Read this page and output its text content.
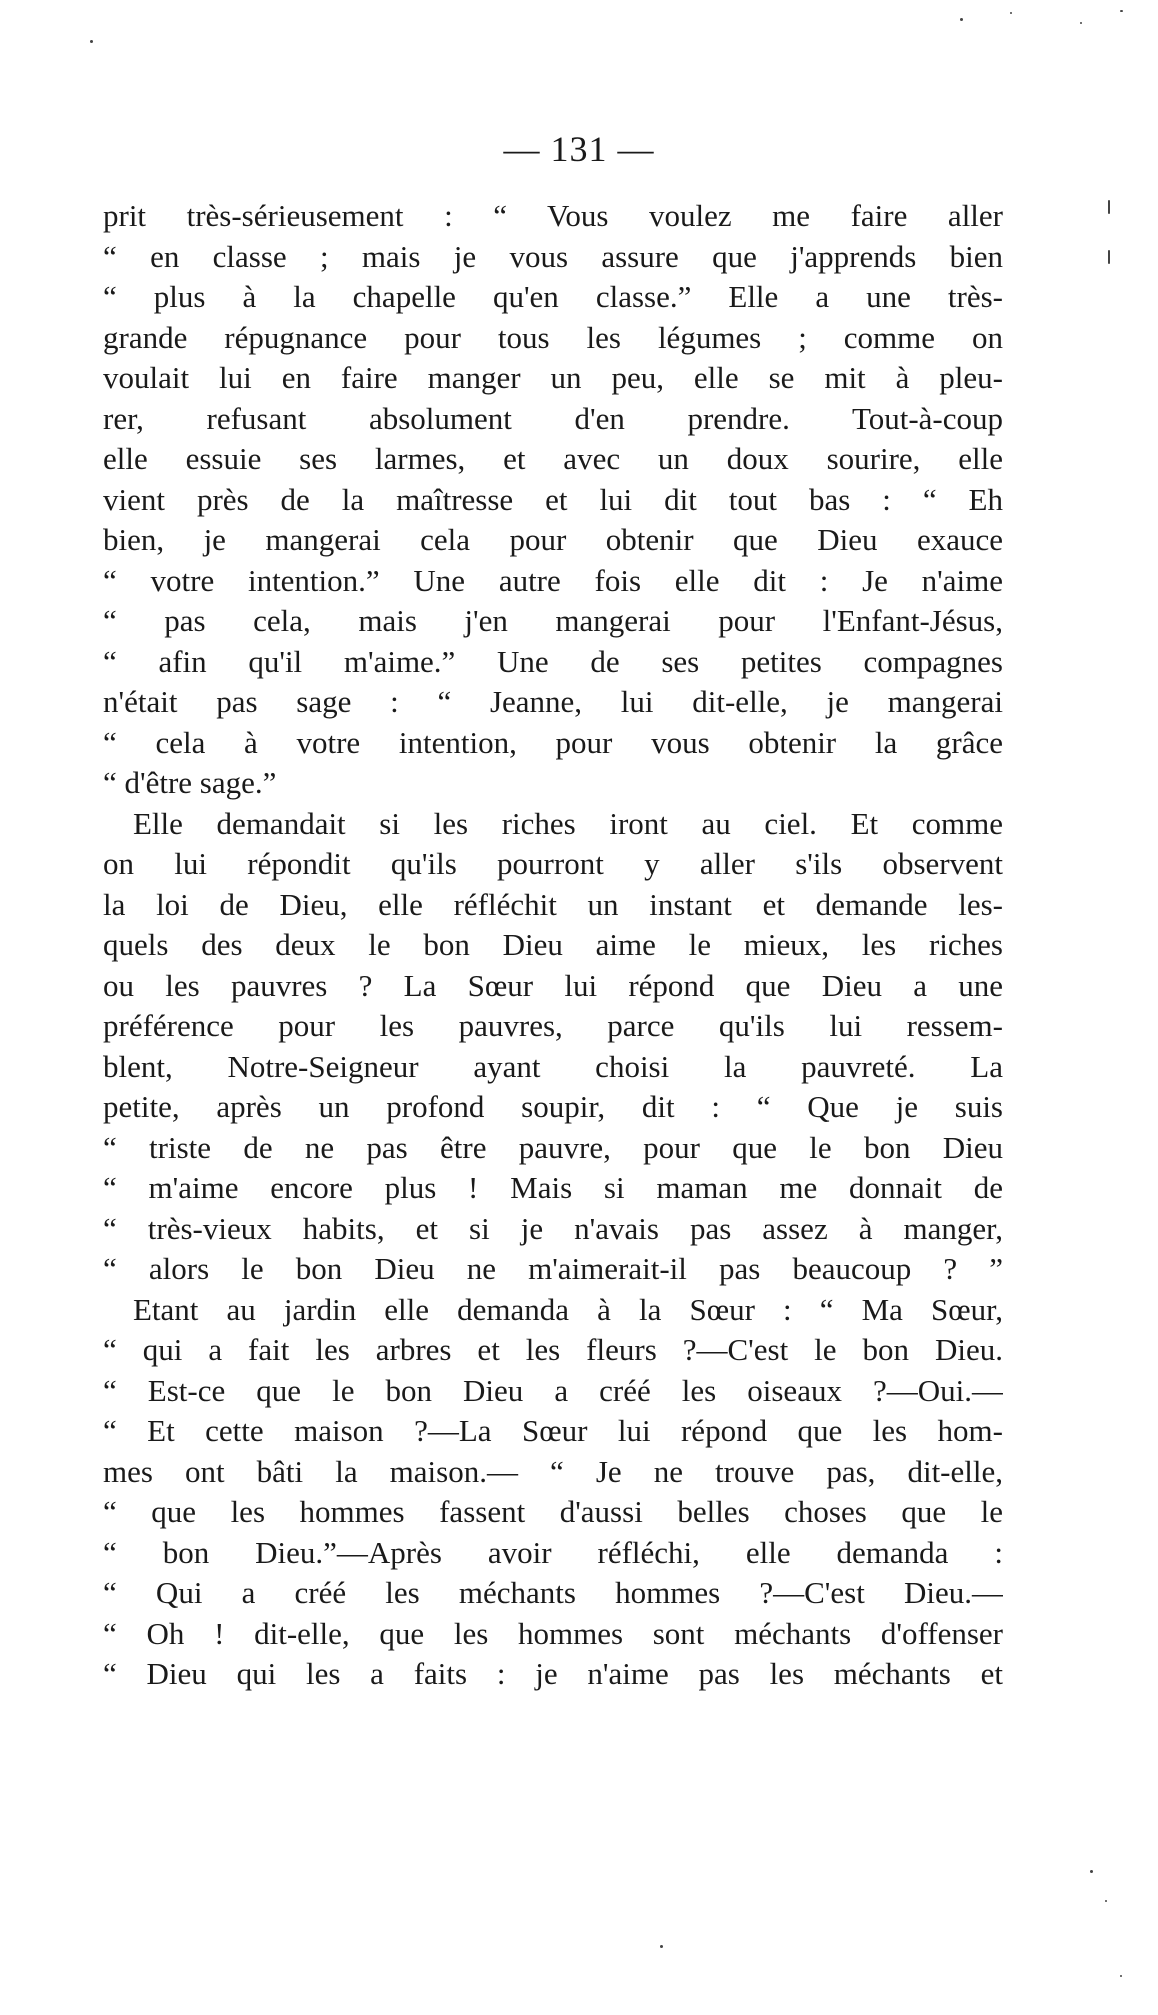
— 131 —
prit très-sérieusement : “ Vous voulez me faire aller
“ en classe ; mais je vous assure que j'apprends bien
“ plus à la chapelle qu'en classe.” Elle a une très-
grande répugnance pour tous les légumes ; comme on
voulait lui en faire manger un peu, elle se mit à pleu-
rer, refusant absolument d'en prendre. Tout-à-coup
elle essuie ses larmes, et avec un doux sourire, elle
vient près de la maîtresse et lui dit tout bas : “ Eh
bien, je mangerai cela pour obtenir que Dieu exauce
“ votre intention.” Une autre fois elle dit : Je n'aime
“ pas cela, mais j'en mangerai pour l'Enfant-Jésus,
“ afin qu'il m'aime.” Une de ses petites compagnes
n'était pas sage : “ Jeanne, lui dit-elle, je mangerai
“ cela à votre intention, pour vous obtenir la grâce
“ d'être sage.”
Elle demandait si les riches iront au ciel. Et comme
on lui répondit qu'ils pourront y aller s'ils observent
la loi de Dieu, elle réfléchit un instant et demande les-
quels des deux le bon Dieu aime le mieux, les riches
ou les pauvres ? La Sœur lui répond que Dieu a une
préférence pour les pauvres, parce qu'ils lui ressem-
blent, Notre-Seigneur ayant choisi la pauvreté. La
petite, après un profond soupir, dit : “ Que je suis
“ triste de ne pas être pauvre, pour que le bon Dieu
“ m'aime encore plus ! Mais si maman me donnait de
“ très-vieux habits, et si je n'avais pas assez à manger,
“ alors le bon Dieu ne m'aimerait-il pas beaucoup ? ”
Etant au jardin elle demanda à la Sœur : “ Ma Sœur,
“ qui a fait les arbres et les fleurs ?—C'est le bon Dieu.
“ Est-ce que le bon Dieu a créé les oiseaux ?—Oui.—
“ Et cette maison ?—La Sœur lui répond que les hom-
mes ont bâti la maison.— “ Je ne trouve pas, dit-elle,
“ que les hommes fassent d'aussi belles choses que le
“ bon Dieu.”—Après avoir réfléchi, elle demanda :
“ Qui a créé les méchants hommes ?—C'est Dieu.—
“ Oh ! dit-elle, que les hommes sont méchants d'offenser
“ Dieu qui les a faits : je n'aime pas les méchants et
